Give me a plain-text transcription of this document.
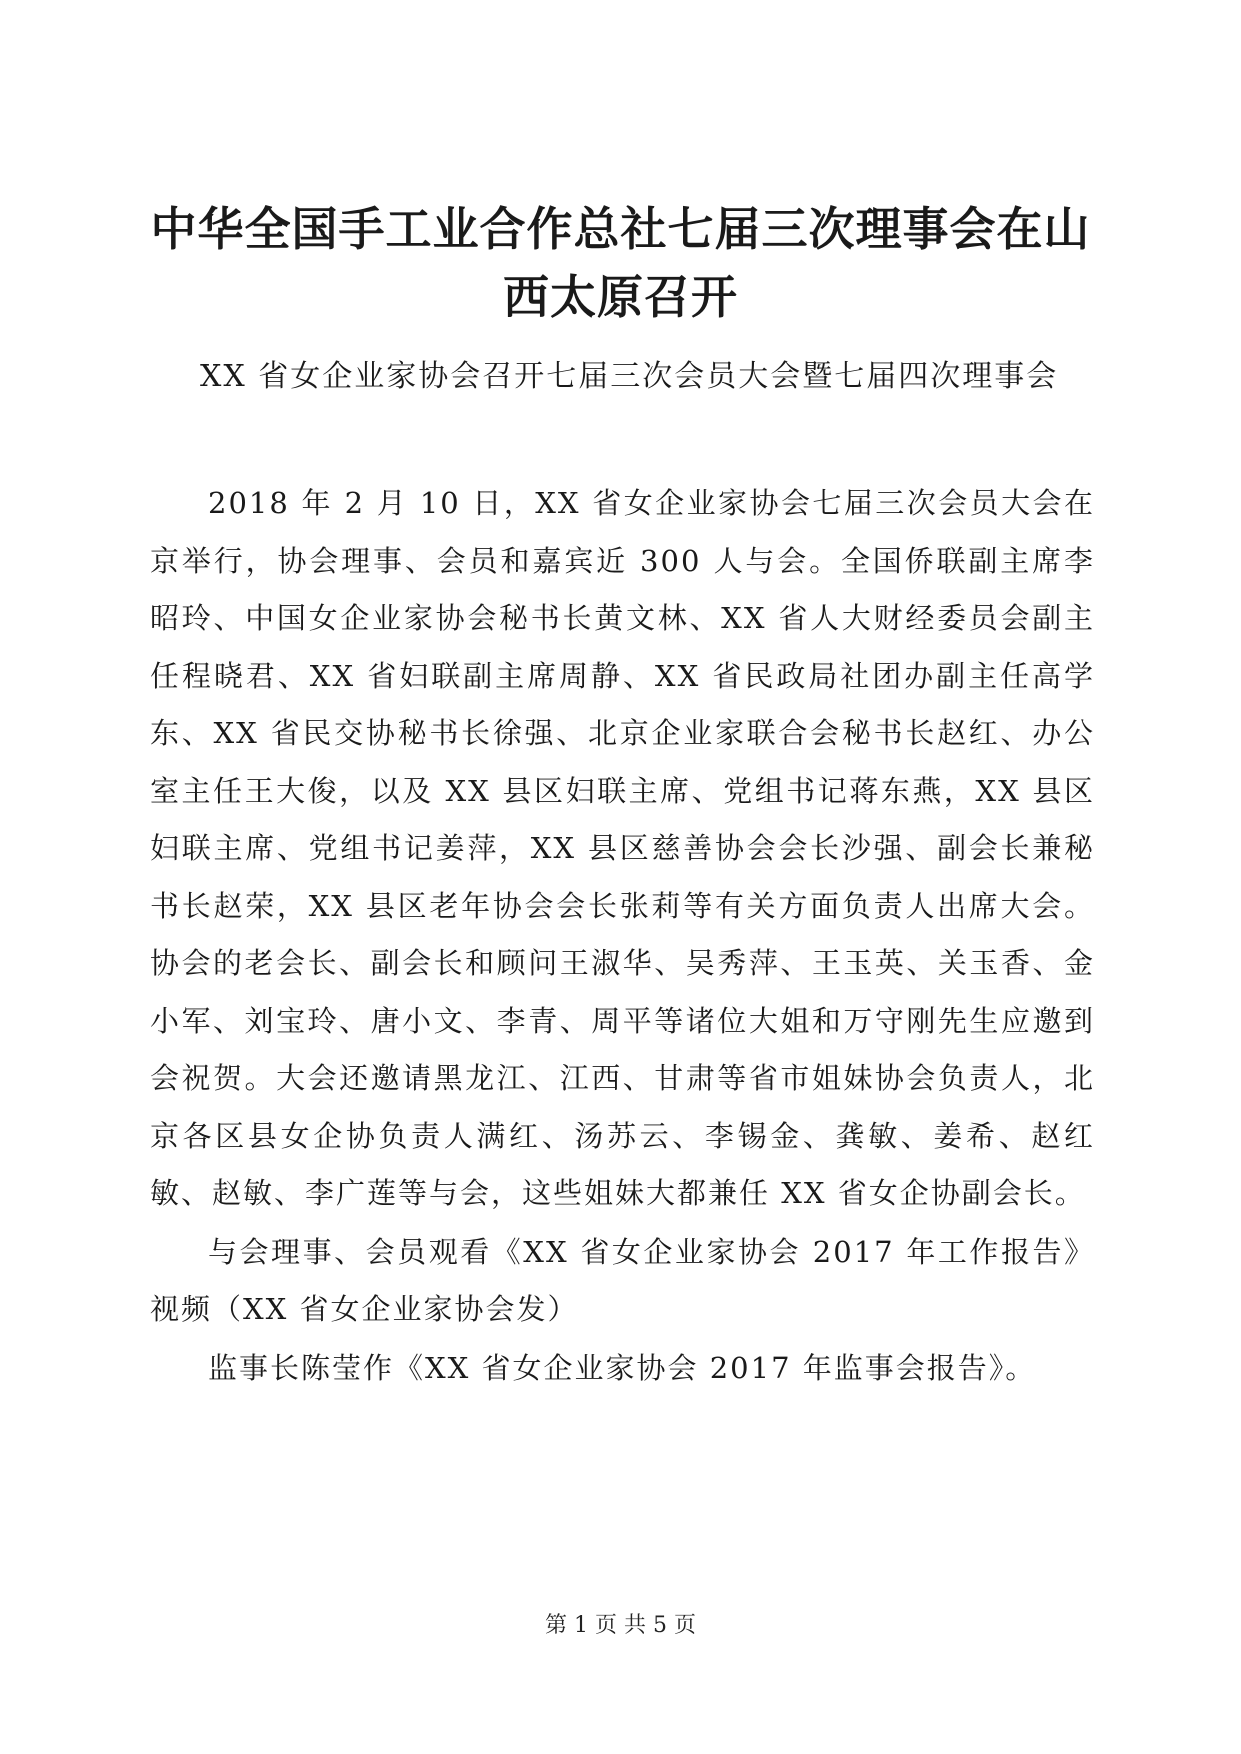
中华全国手工业合作总社七届三次理事会在山西太原召开

XX 省女企业家协会召开七届三次会员大会暨七届四次理事会

2018 年 2 月 10 日，XX 省女企业家协会七届三次会员大会在京举行，协会理事、会员和嘉宾近 300 人与会。全国侨联副主席李昭玲、中国女企业家协会秘书长黄文林、XX 省人大财经委员会副主任程晓君、XX 省妇联副主席周静、XX 省民政局社团办副主任高学东、XX 省民交协秘书长徐强、北京企业家联合会秘书长赵红、办公室主任王大俊，以及 XX 县区妇联主席、党组书记蒋东燕，XX 县区妇联主席、党组书记姜萍，XX 县区慈善协会会长沙强、副会长兼秘书长赵荣，XX 县区老年协会会长张莉等有关方面负责人出席大会。协会的老会长、副会长和顾问王淑华、吴秀萍、王玉英、关玉香、金小军、刘宝玲、唐小文、李青、周平等诸位大姐和万守刚先生应邀到会祝贺。大会还邀请黑龙江、江西、甘肃等省市姐妹协会负责人，北京各区县女企协负责人满红、汤苏云、李锡金、龚敏、姜希、赵红敏、赵敏、李广莲等与会，这些姐妹大都兼任 XX 省女企协副会长。

与会理事、会员观看《XX 省女企业家协会 2017 年工作报告》视频（XX 省女企业家协会发）

监事长陈莹作《XX 省女企业家协会 2017 年监事会报告》。

第 1 页 共 5 页
